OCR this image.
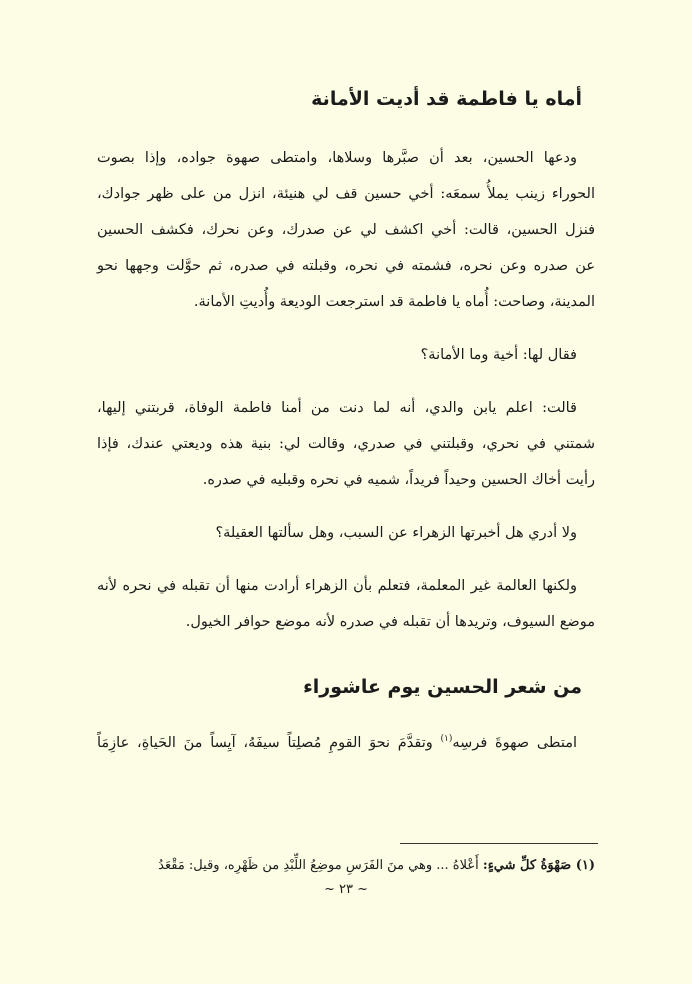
أماه يا فاطمة قد أديت الأمانة
ودعها الحسين، بعد أن صبَّرها وسلاها، وامتطى صهوة جواده، وإذا بصوت
الحوراء زينب يملأُ سمعَه: أخي حسين قف لي هنيئة، انزل من على ظهر جوادك،
فنزل الحسين، قالت: أخي اكشف لي عن صدرك، وعن نحرك، فكشف الحسين
عن صدره وعن نحره، فشمته في نحره، وقبلته في صدره، ثم حوَّلت وجهها نحو
المدينة، وصاحت: أُماه يا فاطمة قد استرجعت الوديعة وأُديتِ الأمانة.
فقال لها: أخية وما الأمانة؟
قالت: اعلم يابن والدي، أنه لما دنت من أمنا فاطمة الوفاة، قربتني إليها،
شمتني في نحري، وقبلتني في صدري، وقالت لي: بنية هذه وديعتي عندك، فإذا
رأيت أخاك الحسين وحيداً فريداً، شميه في نحره وقبليه في صدره.
ولا أدري هل أخبرتها الزهراء عن السبب، وهل سألتها العقيلة؟
ولكنها العالمة غير المعلمة، فتعلم بأن الزهراء أرادت منها أن تقبله في نحره لأنه
موضع السيوف، وتريدها أن تقبله في صدره لأنه موضع حوافر الخيول.
من شعر الحسين يوم عاشوراء
امتطى صهوةَ فرسِه$^{(١)}$ وتقدَّمَ نحوَ القومِ مُصلِتاً سيفَهُ، آيِساً منَ الحَياةِ، عازِمَاً
(١) صَهْوَةُ كلِّ شيءٍ: أَعْلاهُ ... وهي منَ الفَرَسِ موضِعُ اللِّبْدِ من ظَهْرِه، وقيل: مَقْعَدُ
~ ٢٣ ~
